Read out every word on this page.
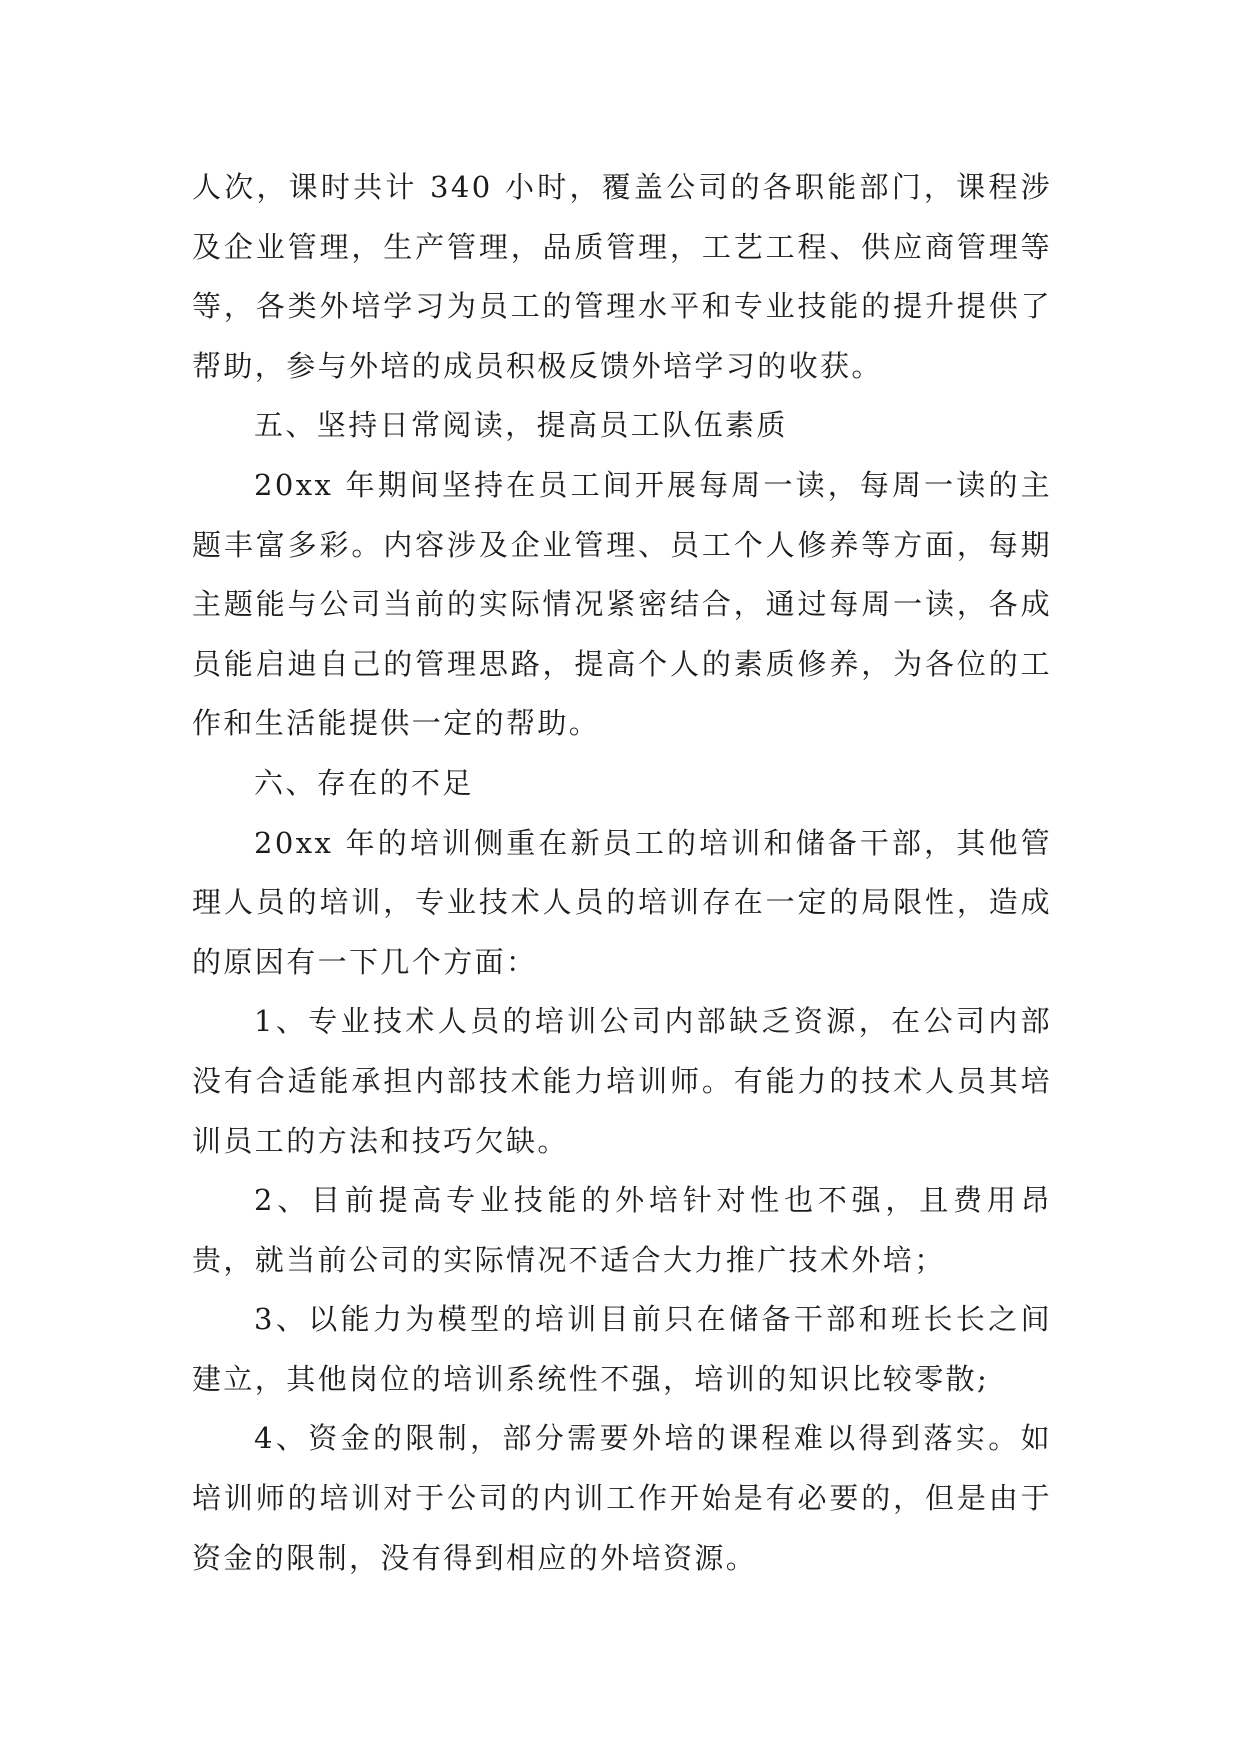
人次，课时共计 340 小时，覆盖公司的各职能部门，课程涉及企业管理，生产管理，品质管理，工艺工程、供应商管理等等，各类外培学习为员工的管理水平和专业技能的提升提供了帮助，参与外培的成员积极反馈外培学习的收获。

五、坚持日常阅读，提高员工队伍素质

20xx 年期间坚持在员工间开展每周一读，每周一读的主题丰富多彩。内容涉及企业管理、员工个人修养等方面，每期主题能与公司当前的实际情况紧密结合，通过每周一读，各成员能启迪自己的管理思路，提高个人的素质修养，为各位的工作和生活能提供一定的帮助。

六、存在的不足

20xx 年的培训侧重在新员工的培训和储备干部，其他管理人员的培训，专业技术人员的培训存在一定的局限性，造成的原因有一下几个方面：

1、专业技术人员的培训公司内部缺乏资源，在公司内部没有合适能承担内部技术能力培训师。有能力的技术人员其培训员工的方法和技巧欠缺。

2、目前提高专业技能的外培针对性也不强，且费用昂贵，就当前公司的实际情况不适合大力推广技术外培；

3、以能力为模型的培训目前只在储备干部和班长长之间建立，其他岗位的培训系统性不强，培训的知识比较零散;

4、资金的限制，部分需要外培的课程难以得到落实。如培训师的培训对于公司的内训工作开始是有必要的，但是由于资金的限制，没有得到相应的外培资源。
